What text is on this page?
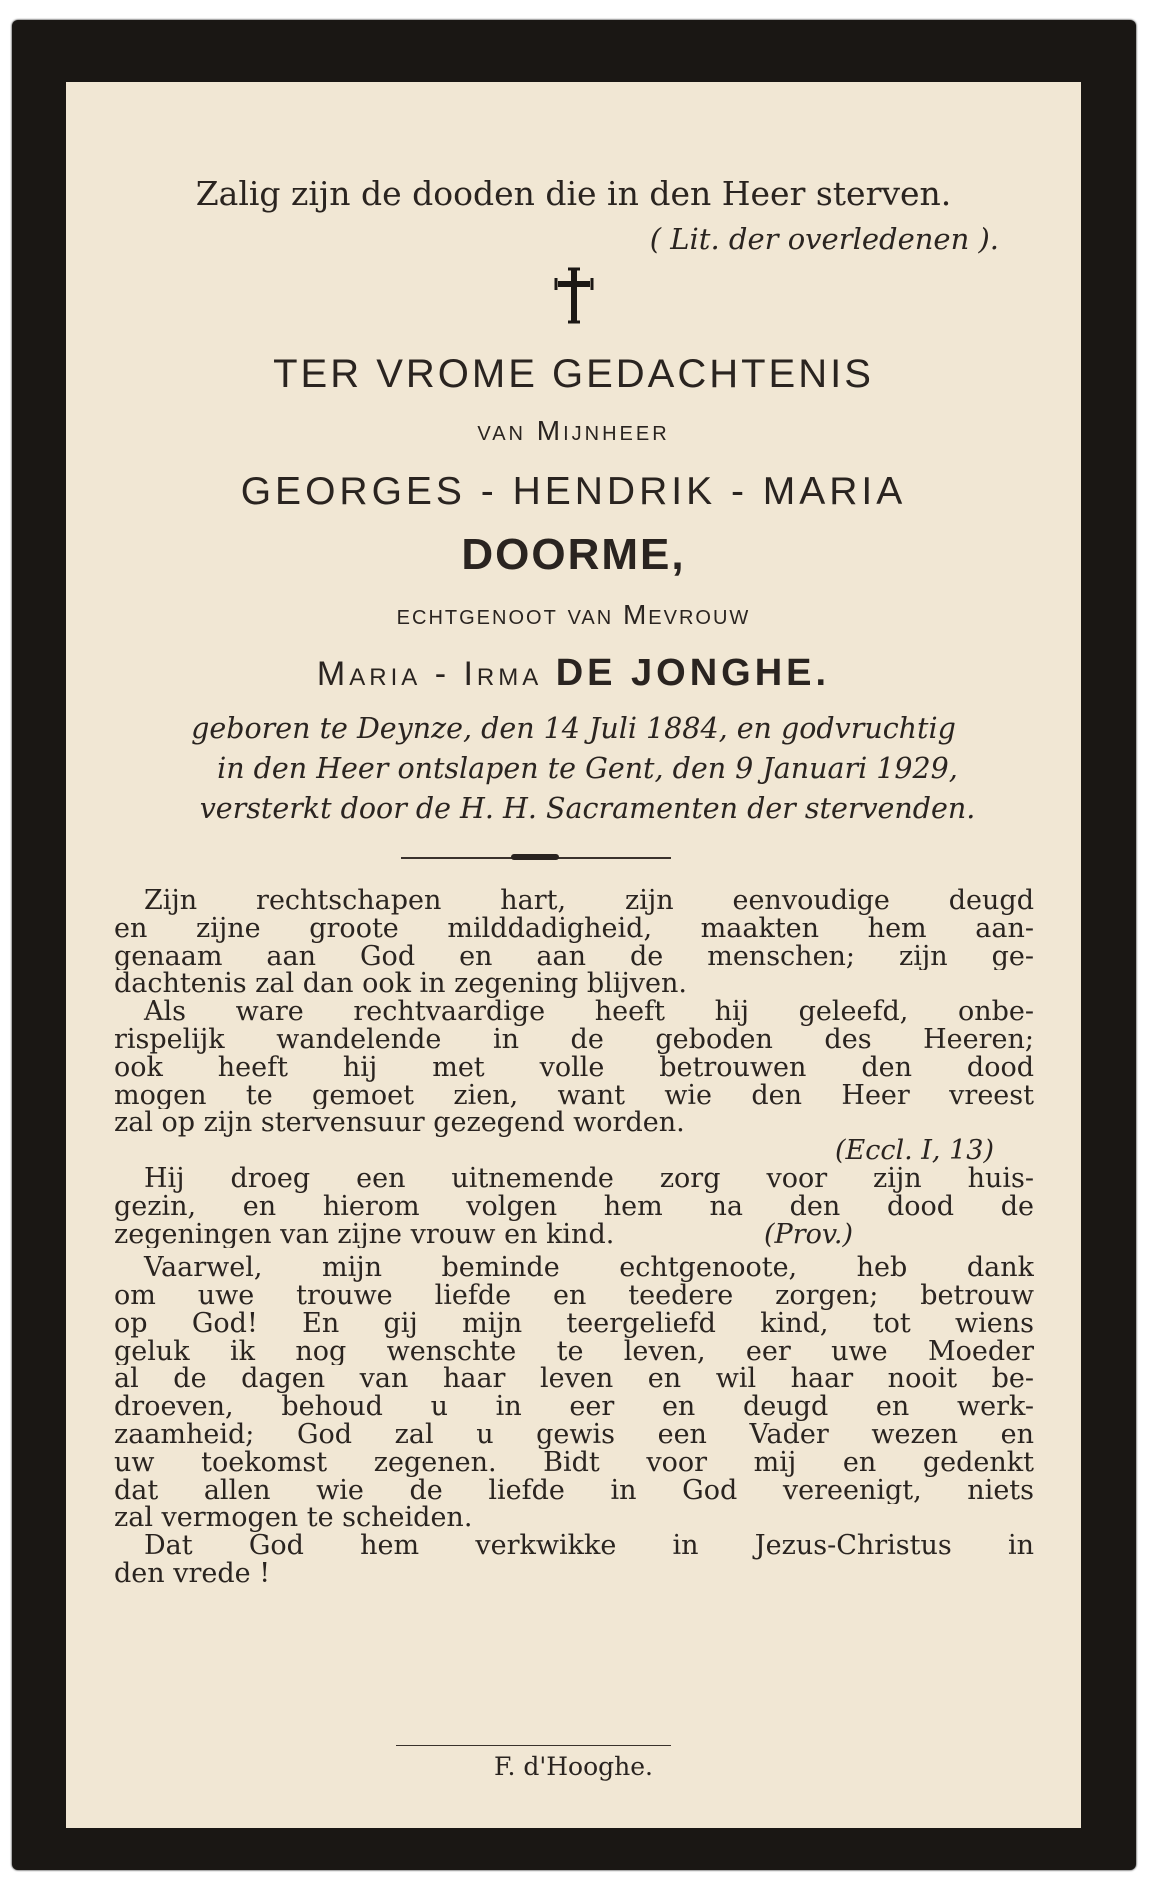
Zalig zijn de dooden die in den Heer sterven.

( Lit. der overledenen ).

TER VROME GEDACHTENIS

van Mijnheer

GEORGES - HENDRIK - MARIA

DOORME,

echtgenoot van Mevrouw

Maria - Irma DE JONGHE.

geboren te Deynze, den 14 Juli 1884, en godvruchtig

in den Heer ontslapen te Gent, den 9 Januari 1929,

versterkt door de H. H. Sacramenten der stervenden.

Zijn rechtschapen hart, zijn eenvoudige deugd
en zijne groote milddadigheid, maakten hem aan-
genaam aan God en aan de menschen; zijn ge-
dachtenis zal dan ook in zegening blijven.
Als ware rechtvaardige heeft hij geleefd, onbe-
rispelijk wandelende in de geboden des Heeren;
ook heeft hij met volle betrouwen den dood
mogen te gemoet zien, want wie den Heer vreest
zal op zijn stervensuur gezegend worden.
(Eccl. I, 13)
Hij droeg een uitnemende zorg voor zijn huis-
gezin, en hierom volgen hem na den dood de
zegeningen van zijne vrouw en kind.	(Prov.)
Vaarwel, mijn beminde echtgenoote, heb dank
om uwe trouwe liefde en teedere zorgen; betrouw
op God! En gij mijn teergeliefd kind, tot wiens
geluk ik nog wenschte te leven, eer uwe Moeder
al de dagen van haar leven en wil haar nooit be-
droeven, behoud u in eer en deugd en werk-
zaamheid; God zal u gewis een Vader wezen en
uw toekomst zegenen. Bidt voor mij en gedenkt
dat allen wie de liefde in God vereenigt, niets
zal vermogen te scheiden.
Dat God hem verkwikke in Jezus-Christus in
den vrede !

F. d'Hooghe.
